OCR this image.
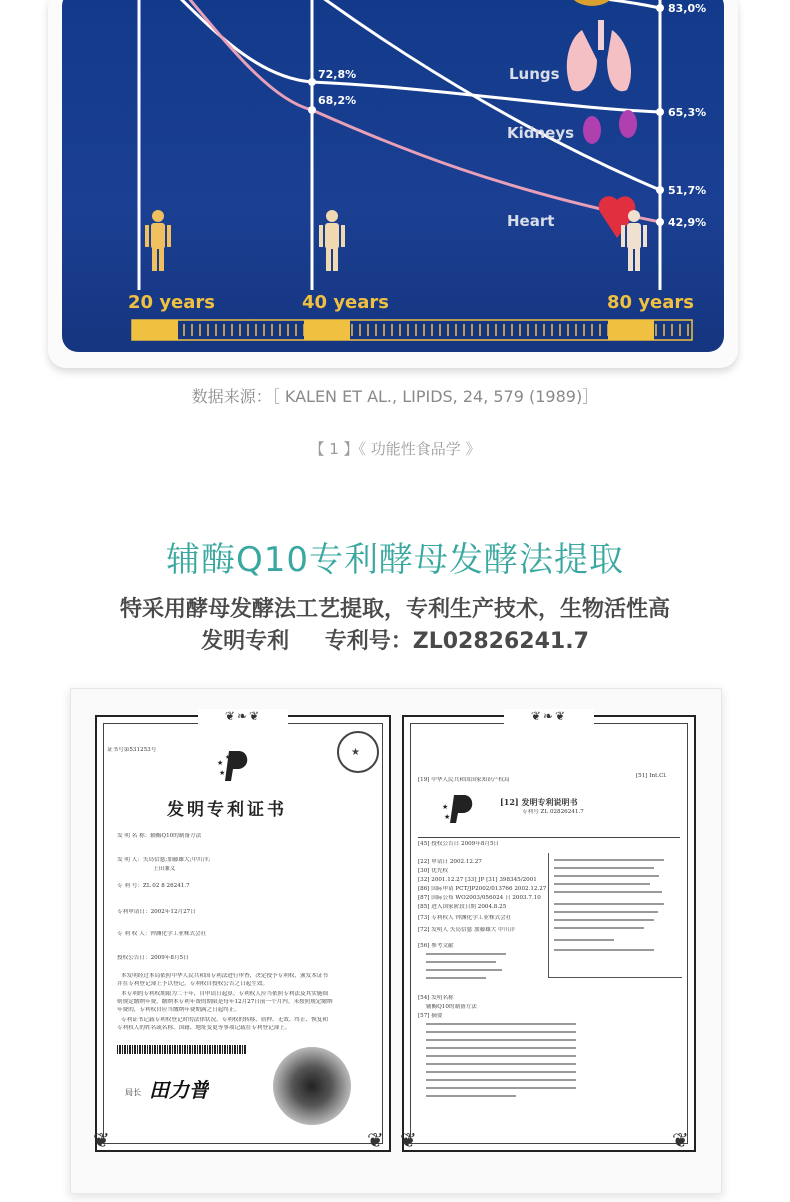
83,0%
72,8%
68,2%
65,3%
51,7%
42,9%
Lungs
Kidneys
Heart
20 years	40 years	80 years
数据来源：［ KALEN ET AL., LIPIDS, 24, 579 (1989)］
【 1 】《 功能性食品学 》
辅酶Q10专利酵母发酵法提取
特采用酵母发酵法工艺提取，专利生产技术，生物活性高
发明专利 专利号：ZL02826241.7
❦❧❦
❦	❦
证书号第531253号
★
★
★	★
发明专利证书
发 明 名 称：辅酶Q10的制备方法
发 明 人：矢岛信慈;加藤雄大;中川洋;
上田兼义
专 利 号：ZL 02 8 26241.7
专利申请日：2002年12月27日
专 利 权 人：钟渊化学工业株式会社
授权公告日：2009年8月5日
本发明经过本局依照中华人民共和国专利法进行审查，决定授予专利权，颁发本证书
并在专利登记簿上予以登记。专利权自授权公告之日起生效。
本专利的专利权期限为二十年，自申请日起算。专利权人应当依照专利法及其实施细
则规定缴纳年费。缴纳本专利年费的期限是每年12月27日前一个月内。未按照规定缴纳
年费的，专利权自应当缴纳年费期满之日起终止。
专利证书记载专利权登记时的法律状况。专利权的转移、质押、无效、终止、恢复和
专利权人的姓名或名称、国籍、地址变更等事项记载在专利登记簿上。
局长 田力普
❦❧❦
❦	❦
[19] 中华人民共和国国家知识产权局
[51] Int.Cl.
★
★
[12] 发明专利说明书
专利号 ZL 02826241.7
[45] 授权公告日 2009年8月5日
[22] 申请日 2002.12.27
[30] 优先权
[32] 2001.12.27 [33] JP [31] 398345/2001
[86] 国际申请 PCT/JP2002/013766 2002.12.27
[87] 国际公布 WO2003/056024 日 2003.7.10
[85] 进入国家阶段日期 2004.8.25
[73] 专利权人 钟渊化学工业株式会社
[72] 发明人 矢岛信慈 加藤雄大 中川洋
[56] 参考文献
[54] 发明名称
辅酶Q10的制备方法
[57] 摘要
